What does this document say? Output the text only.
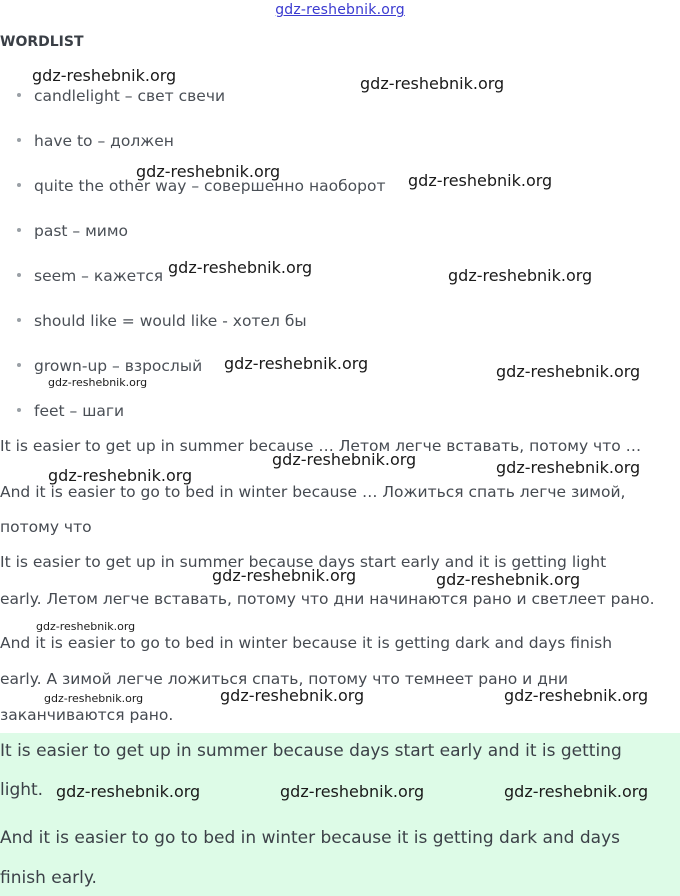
gdz-reshebnik.org
WORDLIST
candlelight – свет свечи
have to – должен
quite the other way – совершенно наоборот
past – мимо
seem – кажется
should like = would like - хотел бы
grown-up – взрослый
feet – шаги
It is easier to get up in summer because … Летом легче вставать, потому что …
And it is easier to go to bed in winter because … Ложиться спать легче зимой,
потому что
It is easier to get up in summer because days start early and it is getting light
early. Летом легче вставать, потому что дни начинаются рано и светлеет рано.
And it is easier to go to bed in winter because it is getting dark and days finish
early. А зимой легче ложиться спать, потому что темнеет рано и дни
заканчиваются рано.
It is easier to get up in summer because days start early and it is getting
light.
And it is easier to go to bed in winter because it is getting dark and days
finish early.
gdz-reshebnik.org	gdz-reshebnik.org
gdz-reshebnik.org	gdz-reshebnik.org
gdz-reshebnik.org	gdz-reshebnik.org
gdz-reshebnik.org	gdz-reshebnik.org
gdz-reshebnik.org
gdz-reshebnik.org
gdz-reshebnik.org	gdz-reshebnik.org
gdz-reshebnik.org	gdz-reshebnik.org
gdz-reshebnik.org
gdz-reshebnik.org	gdz-reshebnik.org	gdz-reshebnik.org
gdz-reshebnik.org	gdz-reshebnik.org	gdz-reshebnik.org
